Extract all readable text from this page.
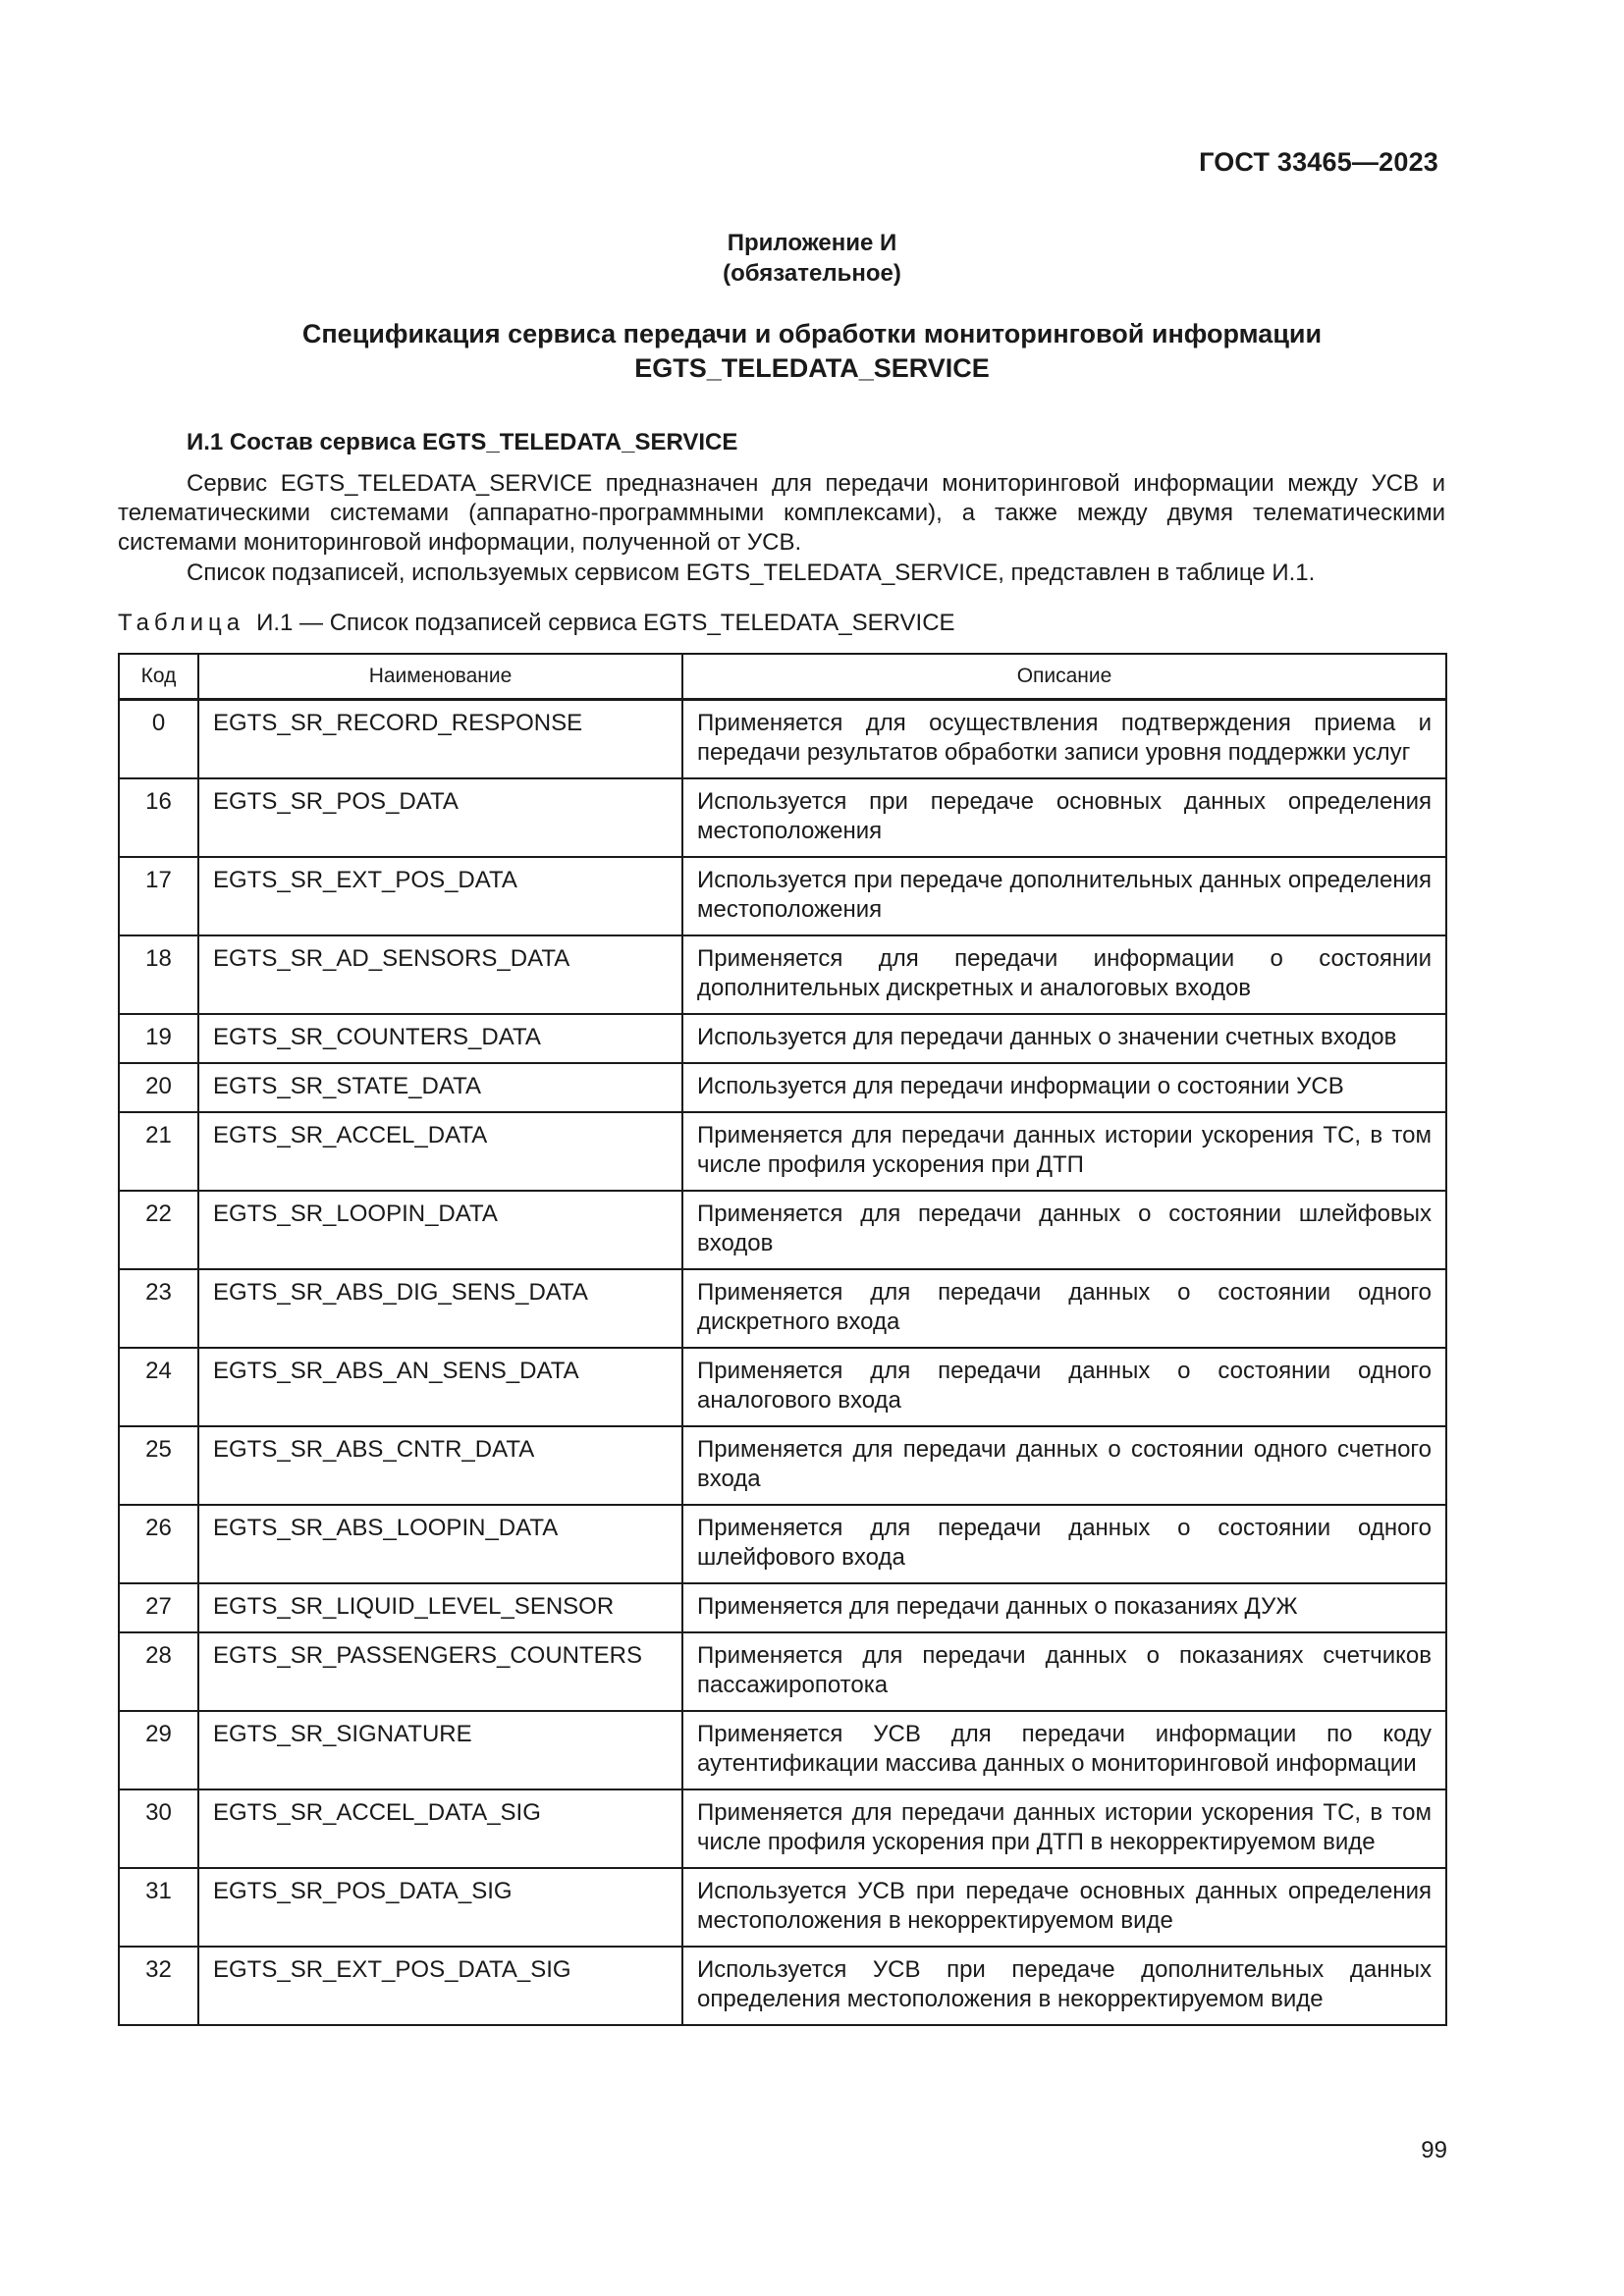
ГОСТ 33465—2023
Приложение И
(обязательное)
Спецификация сервиса передачи и обработки мониторинговой информации
EGTS_TELEDATA_SERVICE
И.1 Состав сервиса EGTS_TELEDATA_SERVICE
Сервис EGTS_TELEDATA_SERVICE предназначен для передачи мониторинговой информации между УСВ и телематическими системами (аппаратно-программными комплексами), а также между двумя телематическими системами мониторинговой информации, полученной от УСВ.
Список подзаписей, используемых сервисом EGTS_TELEDATA_SERVICE, представлен в таблице И.1.
Таблица И.1 — Список подзаписей сервиса EGTS_TELEDATA_SERVICE
Код	Наименование	Описание
0	EGTS_SR_RECORD_RESPONSE	Применяется для осуществления подтверждения приема и передачи результатов обработки записи уровня поддержки услуг
16	EGTS_SR_POS_DATA	Используется при передаче основных данных определения местоположения
17	EGTS_SR_EXT_POS_DATA	Используется при передаче дополнительных данных определения местоположения
18	EGTS_SR_AD_SENSORS_DATA	Применяется для передачи информации о состоянии дополнительных дискретных и аналоговых входов
19	EGTS_SR_COUNTERS_DATA	Используется для передачи данных о значении счетных входов
20	EGTS_SR_STATE_DATA	Используется для передачи информации о состоянии УСВ
21	EGTS_SR_ACCEL_DATA	Применяется для передачи данных истории ускорения ТС, в том числе профиля ускорения при ДТП
22	EGTS_SR_LOOPIN_DATA	Применяется для передачи данных о состоянии шлейфовых входов
23	EGTS_SR_ABS_DIG_SENS_DATA	Применяется для передачи данных о состоянии одного дискретного входа
24	EGTS_SR_ABS_AN_SENS_DATA	Применяется для передачи данных о состоянии одного аналогового входа
25	EGTS_SR_ABS_CNTR_DATA	Применяется для передачи данных о состоянии одного счетного входа
26	EGTS_SR_ABS_LOOPIN_DATA	Применяется для передачи данных о состоянии одного шлейфового входа
27	EGTS_SR_LIQUID_LEVEL_SENSOR	Применяется для передачи данных о показаниях ДУЖ
28	EGTS_SR_PASSENGERS_COUNTERS	Применяется для передачи данных о показаниях счетчиков пассажиропотока
29	EGTS_SR_SIGNATURE	Применяется УСВ для передачи информации по коду аутентификации массива данных о мониторинговой информации
30	EGTS_SR_ACCEL_DATA_SIG	Применяется для передачи данных истории ускорения ТС, в том числе профиля ускорения при ДТП в некорректируемом виде
31	EGTS_SR_POS_DATA_SIG	Используется УСВ при передаче основных данных определения местоположения в некорректируемом виде
32	EGTS_SR_EXT_POS_DATA_SIG	Используется УСВ при передаче дополнительных данных определения местоположения в некорректируемом виде
99
